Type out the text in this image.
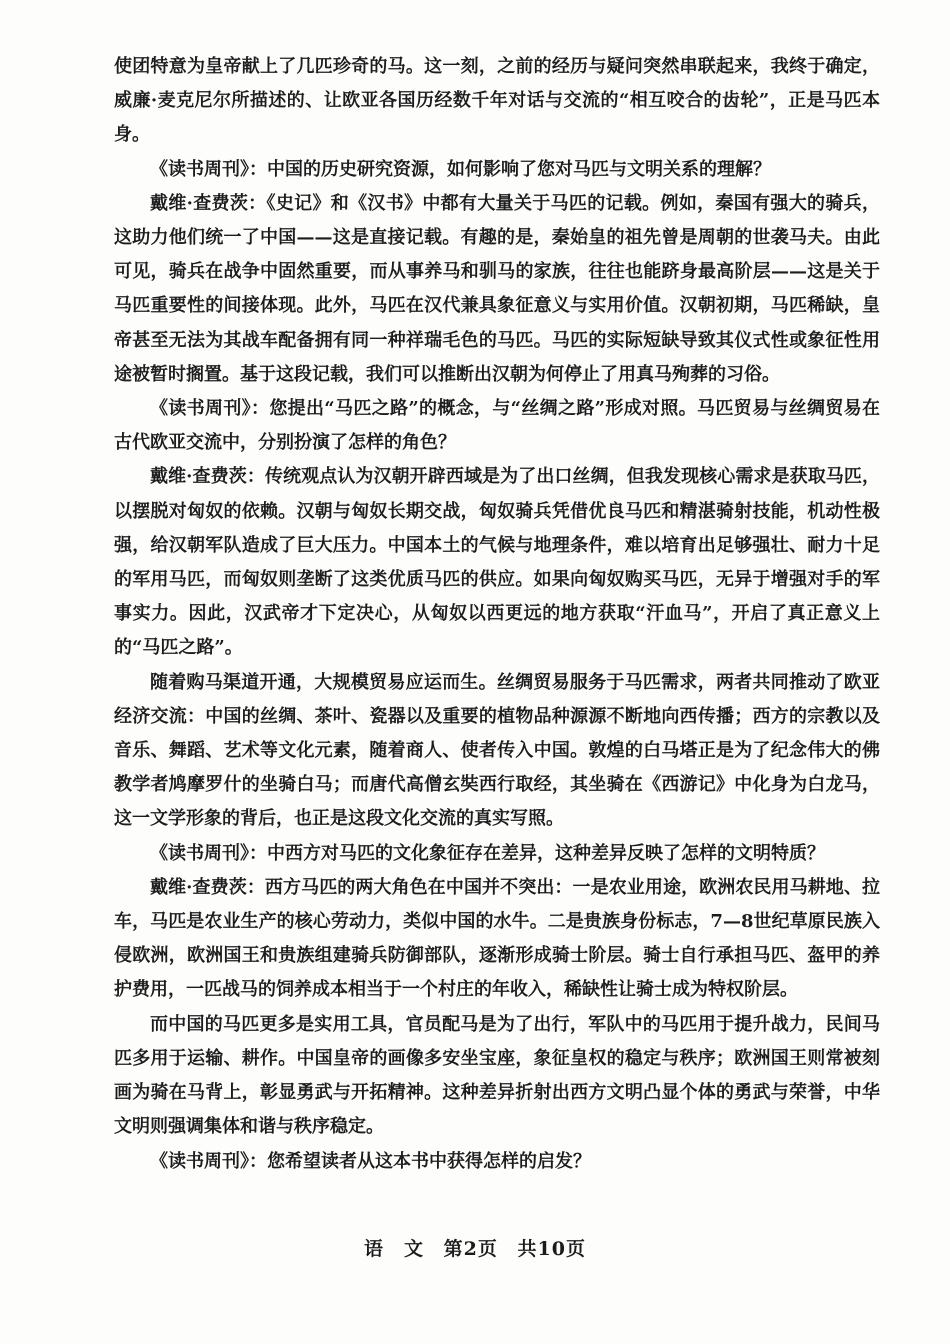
使团特意为皇帝献上了几匹珍奇的马。这一刻，之前的经历与疑问突然串联起来，我终于确定，威廉·麦克尼尔所描述的、让欧亚各国历经数千年对话与交流的“相互咬合的齿轮”，正是马匹本身。

《读书周刊》：中国的历史研究资源，如何影响了您对马匹与文明关系的理解？

戴维·查费茨：《史记》和《汉书》中都有大量关于马匹的记载。例如，秦国有强大的骑兵，这助力他们统一了中国——这是直接记载。有趣的是，秦始皇的祖先曾是周朝的世袭马夫。由此可见，骑兵在战争中固然重要，而从事养马和驯马的家族，往往也能跻身最高阶层——这是关于马匹重要性的间接体现。此外，马匹在汉代兼具象征意义与实用价值。汉朝初期，马匹稀缺，皇帝甚至无法为其战车配备拥有同一种祥瑞毛色的马匹。马匹的实际短缺导致其仪式性或象征性用途被暂时搁置。基于这段记载，我们可以推断出汉朝为何停止了用真马殉葬的习俗。

《读书周刊》：您提出“马匹之路”的概念，与“丝绸之路”形成对照。马匹贸易与丝绸贸易在古代欧亚交流中，分别扮演了怎样的角色？

戴维·查费茨：传统观点认为汉朝开辟西域是为了出口丝绸，但我发现核心需求是获取马匹，以摆脱对匈奴的依赖。汉朝与匈奴长期交战，匈奴骑兵凭借优良马匹和精湛骑射技能，机动性极强，给汉朝军队造成了巨大压力。中国本土的气候与地理条件，难以培育出足够强壮、耐力十足的军用马匹，而匈奴则垄断了这类优质马匹的供应。如果向匈奴购买马匹，无异于增强对手的军事实力。因此，汉武帝才下定决心，从匈奴以西更远的地方获取“汗血马”，开启了真正意义上的“马匹之路”。

随着购马渠道开通，大规模贸易应运而生。丝绸贸易服务于马匹需求，两者共同推动了欧亚经济交流：中国的丝绸、茶叶、瓷器以及重要的植物品种源源不断地向西传播；西方的宗教以及音乐、舞蹈、艺术等文化元素，随着商人、使者传入中国。敦煌的白马塔正是为了纪念伟大的佛教学者鸠摩罗什的坐骑白马；而唐代高僧玄奘西行取经，其坐骑在《西游记》中化身为白龙马，这一文学形象的背后，也正是这段文化交流的真实写照。

《读书周刊》：中西方对马匹的文化象征存在差异，这种差异反映了怎样的文明特质？

戴维·查费茨：西方马匹的两大角色在中国并不突出：一是农业用途，欧洲农民用马耕地、拉车，马匹是农业生产的核心劳动力，类似中国的水牛。二是贵族身份标志，7—8世纪草原民族入侵欧洲，欧洲国王和贵族组建骑兵防御部队，逐渐形成骑士阶层。骑士自行承担马匹、盔甲的养护费用，一匹战马的饲养成本相当于一个村庄的年收入，稀缺性让骑士成为特权阶层。

而中国的马匹更多是实用工具，官员配马是为了出行，军队中的马匹用于提升战力，民间马匹多用于运输、耕作。中国皇帝的画像多安坐宝座，象征皇权的稳定与秩序；欧洲国王则常被刻画为骑在马背上，彰显勇武与开拓精神。这种差异折射出西方文明凸显个体的勇武与荣誉，中华文明则强调集体和谐与秩序稳定。

《读书周刊》：您希望读者从这本书中获得怎样的启发？

语　文 第2页 共10页
